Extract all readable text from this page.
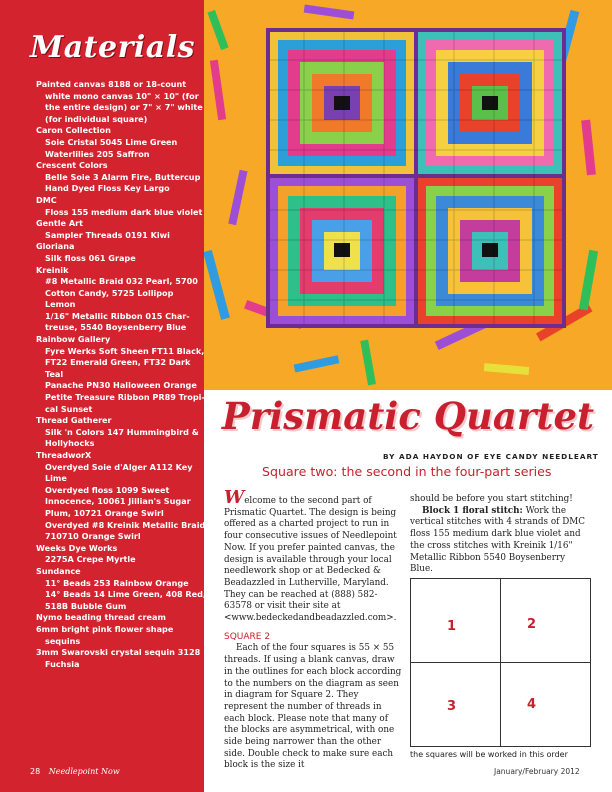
Materials
Painted canvas 8188 or 18-count
white mono canvas 10" × 10" (for
the entire design) or 7" × 7" white
(for individual square)
Caron Collection
Soie Cristal 5045 Lime Green
Waterlilies 205 Saffron
Crescent Colors
Belle Soie 3 Alarm Fire, Buttercup
Hand Dyed Floss Key Largo
DMC
Floss 155 medium dark blue violet
Gentle Art
Sampler Threads 0191 Kiwi
Gloriana
Silk floss 061 Grape
Kreinik
#8 Metallic Braid 032 Pearl, 5700
Cotton Candy, 5725 Lollipop
Lemon
1/16" Metallic Ribbon 015 Char-
treuse, 5540 Boysenberry Blue
Rainbow Gallery
Fyre Werks Soft Sheen FT11 Black,
FT22 Emerald Green, FT32 Dark
Teal
Panache PN30 Halloween Orange
Petite Treasure Ribbon PR89 Tropi-
cal Sunset
Thread Gatherer
Silk 'n Colors 147 Hummingbird &
Hollyhocks
ThreadworX
Overdyed Soie d'Alger A112 Key
Lime
Overdyed floss 1099 Sweet
Innocence, 10061 Jillian's Sugar
Plum, 10721 Orange Swirl
Overdyed #8 Kreinik Metallic Braid
710710 Orange Swirl
Weeks Dye Works
2275A Crepe Myrtle
Sundance
11° Beads 253 Rainbow Orange
14° Beads 14 Lime Green, 408 Red,
518B Bubble Gum
Nymo beading thread cream
6mm bright pink flower shape
sequins
3mm Swarovski crystal sequin 3128
Fuchsia
28 Needlepoint Now
Prismatic Quartet
BY ADA HAYDON OF EYE CANDY NEEDLEART
Square two: the second in the four-part series

Welcome to the second part of Prismatic Quartet. The design is being offered as a charted project to run in four consecutive issues of Needlepoint Now. If you prefer painted canvas, the design is available through your local needlework shop or at Bedecked & Beadazzled in Lutherville, Maryland. They can be reached at (888) 582-63578 or visit their site at <www.bedeckedandbeadazzled.com>.

SQUARE 2

Each of the four squares is 55 × 55 threads. If using a blank canvas, draw in the outlines for each block according to the numbers on the diagram as seen in diagram for Square 2. They represent the number of threads in each block. Please note that many of the blocks are asymmetrical, with one side being narrower than the other side. Double check to make sure each block is the size it

should be before you start stitching!

Block 1 floral stitch: Work the vertical stitches with 4 strands of DMC floss 155 medium dark blue violet and the cross stitches with Kreinik 1/16" Metallic Ribbon 5540 Boysenberry Blue.

1	2
3	4
the squares will be worked in this order
January/February 2012
